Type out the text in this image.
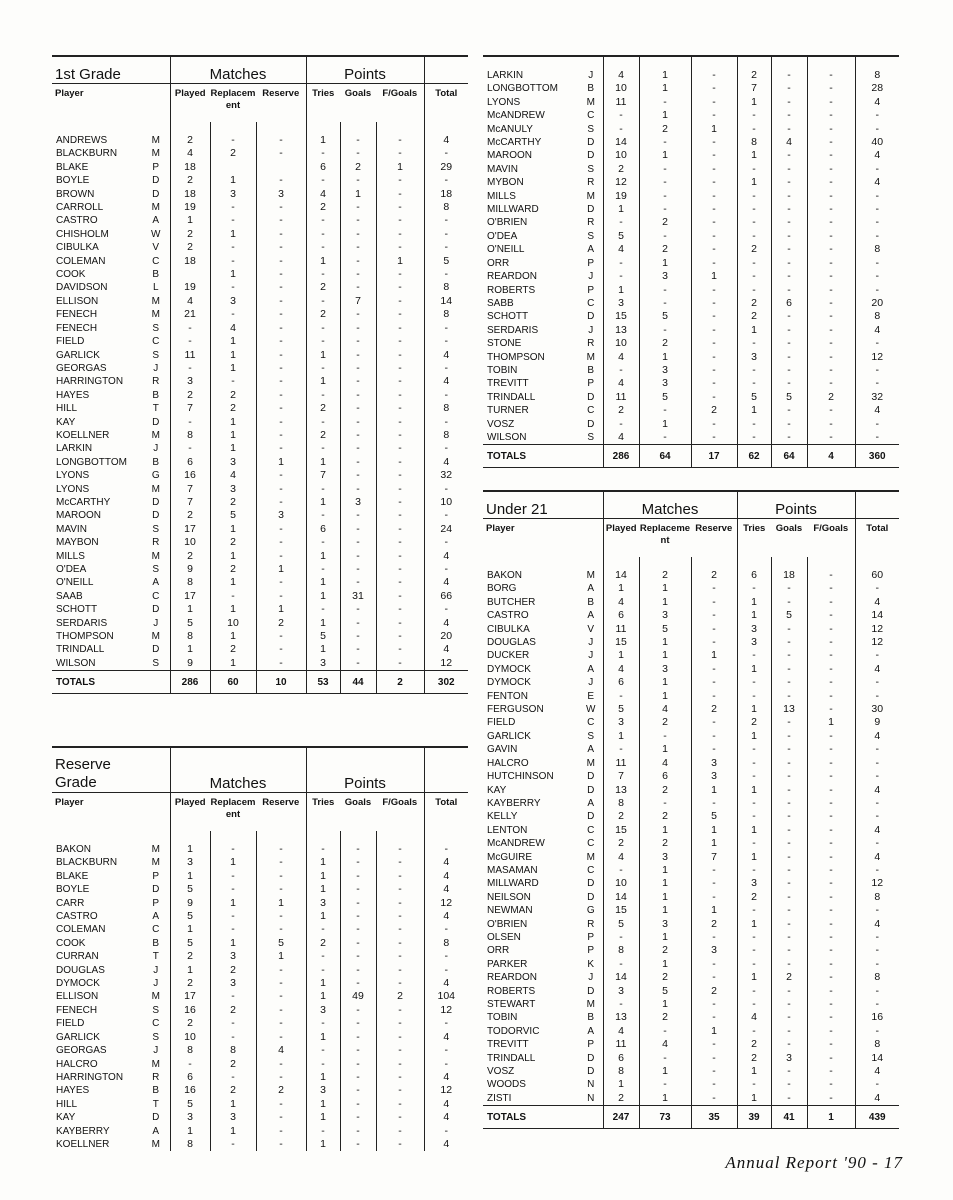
1st Grade		Matches			Points			
Player		Played	Replacement	Reserve	Tries	Goals	F/Goals	Total

ANDREWS	M	2	-	-	1	-	-	4
BLACKBURN	M	4	2	-	-	-	-	-
BLAKE	P	18			6	2	1	29
BOYLE	D	2	1	-	-	-	-	-
BROWN	D	18	3	3	4	1	-	18
CARROLL	M	19	-	-	2	-	-	8
CASTRO	A	1	-	-	-	-	-	-
CHISHOLM	W	2	1	-	-	-	-	-
CIBULKA	V	2	-	-	-	-	-	-
COLEMAN	C	18	-	-	1	-	1	5
COOK	B		1	-	-	-	-	-
DAVIDSON	L	19	-	-	2	-	-	8
ELLISON	M	4	3	-	-	7	-	14
FENECH	M	21	-	-	2	-	-	8
FENECH	S	-	4	-	-	-	-	-
FIELD	C	-	1	-	-	-	-	-
GARLICK	S	11	1	-	1	-	-	4
GEORGAS	J	-	1	-	-	-	-	-
HARRINGTON	R	3	-	-	1	-	-	4
HAYES	B	2	2	-	-	-	-	-
HILL	T	7	2	-	2	-	-	8
KAY	D	-	1	-	-	-	-	-
KOELLNER	M	8	1	-	2	-	-	8
LARKIN	J	-	1	-	-	-	-	-
LONGBOTTOM	B	6	3	1	1	-	-	4
LYONS	G	16	4	-	7	-	-	32
LYONS	M	7	3	-	-	-	-	-
McCARTHY	D	7	2	-	1	3	-	10
MAROON	D	2	5	3	-	-	-	-
MAVIN	S	17	1	-	6	-	-	24
MAYBON	R	10	2	-	-	-	-	-
MILLS	M	2	1	-	1	-	-	4
O'DEA	S	9	2	1	-	-	-	-
O'NEILL	A	8	1	-	1	-	-	4
SAAB	C	17	-	-	1	31	-	66
SCHOTT	D	1	1	1	-	-	-	-
SERDARIS	J	5	10	2	1	-	-	4
THOMPSON	M	8	1	-	5	-	-	20
TRINDALL	D	1	2	-	1	-	-	4
WILSON	S	9	1	-	3	-	-	12
TOTALS		286	60	10	53	44	2	302
Reserve
Grade		Matches			Points			
Player		Played	Replacement	Reserve	Tries	Goals	F/Goals	Total

BAKON	M	1	-	-	-	-	-	-
BLACKBURN	M	3	1	-	1	-	-	4
BLAKE	P	1	-	-	1	-	-	4
BOYLE	D	5	-	-	1	-	-	4
CARR	P	9	1	1	3	-	-	12
CASTRO	A	5	-	-	1	-	-	4
COLEMAN	C	1	-	-	-	-	-	-
COOK	B	5	1	5	2	-	-	8
CURRAN	T	2	3	1	-	-	-	-
DOUGLAS	J	1	2	-	-	-	-	-
DYMOCK	J	2	3	-	1	-	-	4
ELLISON	M	17	-	-	1	49	2	104
FENECH	S	16	2	-	3	-	-	12
FIELD	C	2	-	-	-	-	-	-
GARLICK	S	10	-	-	1	-	-	4
GEORGAS	J	8	8	4	-	-	-	-
HALCRO	M	-	2	-	-	-	-	-
HARRINGTON	R	6	-	-	1	-	-	4
HAYES	B	16	2	2	3	-	-	12
HILL	T	5	1	-	1	-	-	4
KAY	D	3	3	-	1	-	-	4
KAYBERRY	A	1	1	-	-	-	-	-
KOELLNER	M	8	-	-	1	-	-	4

LARKIN	J	4	1	-	2	-	-	8
LONGBOTTOM	B	10	1	-	7	-	-	28
LYONS	M	11	-	-	1	-	-	4
McANDREW	C	-	1	-	-	-	-	-
McANULY	S	-	2	1	-	-	-	-
McCARTHY	D	14	-	-	8	4	-	40
MAROON	D	10	1	-	1	-	-	4
MAVIN	S	2	-	-	-	-	-	-
MYBON	R	12	-	-	1	-	-	4
MILLS	M	19	-	-	-	-	-	-
MILLWARD	D	1	-	-	-	-	-	-
O'BRIEN	R	-	2	-	-	-	-	-
O'DEA	S	5	-	-	-	-	-	-
O'NEILL	A	4	2	-	2	-	-	8
ORR	P	-	1	-	-	-	-	-
REARDON	J	-	3	1	-	-	-	-
ROBERTS	P	1	-	-	-	-	-	-
SABB	C	3	-	-	2	6	-	20
SCHOTT	D	15	5	-	2	-	-	8
SERDARIS	J	13	-	-	1	-	-	4
STONE	R	10	2	-	-	-	-	-
THOMPSON	M	4	1	-	3	-	-	12
TOBIN	B	-	3	-	-	-	-	-
TREVITT	P	4	3	-	-	-	-	-
TRINDALL	D	11	5	-	5	5	2	32
TURNER	C	2	-	2	1	-	-	4
VOSZ	D	-	1	-	-	-	-	-
WILSON	S	4	-	-	-	-	-	-
TOTALS		286	64	17	62	64	4	360
Under 21		Matches			Points			
Player		Played	Replacement	Reserve	Tries	Goals	F/Goals	Total

BAKON	M	14	2	2	6	18	-	60
BORG	A	1	1	-	-	-	-	-
BUTCHER	B	4	1	-	1	-	-	4
CASTRO	A	6	3	-	1	5	-	14
CIBULKA	V	11	5	-	3	-	-	12
DOUGLAS	J	15	1	-	3	-	-	12
DUCKER	J	1	1	1	-	-	-	-
DYMOCK	A	4	3	-	1	-	-	4
DYMOCK	J	6	1	-	-	-	-	-
FENTON	E	-	1	-	-	-	-	-
FERGUSON	W	5	4	2	1	13	-	30
FIELD	C	3	2	-	2	-	1	9
GARLICK	S	1	-	-	1	-	-	4
GAVIN	A	-	1	-	-	-	-	-
HALCRO	M	11	4	3	-	-	-	-
HUTCHINSON	D	7	6	3	-	-	-	-
KAY	D	13	2	1	1	-	-	4
KAYBERRY	A	8	-	-	-	-	-	-
KELLY	D	2	2	5	-	-	-	-
LENTON	C	15	1	1	1	-	-	4
McANDREW	C	2	2	1	-	-	-	-
McGUIRE	M	4	3	7	1	-	-	4
MASAMAN	C	-	1	-	-	-	-	-
MILLWARD	D	10	1	-	3	-	-	12
NEILSON	D	14	1	-	2	-	-	8
NEWMAN	G	15	1	1	-	-	-	-
O'BRIEN	R	5	3	2	1	-	-	4
OLSEN	P	-	1	-	-	-	-	-
ORR	P	8	2	3	-	-	-	-
PARKER	K	-	1	-	-	-	-	-
REARDON	J	14	2	-	1	2	-	8
ROBERTS	D	3	5	2	-	-	-	-
STEWART	M	-	1	-	-	-	-	-
TOBIN	B	13	2	-	4	-	-	16
TODORVIC	A	4	-	1	-	-	-	-
TREVITT	P	11	4	-	2	-	-	8
TRINDALL	D	6	-	-	2	3	-	14
VOSZ	D	8	1	-	1	-	-	4
WOODS	N	1	-	-	-	-	-	-
ZISTI	N	2	1	-	1	-	-	4
TOTALS		247	73	35	39	41	1	439
Annual Report '90 - 17
